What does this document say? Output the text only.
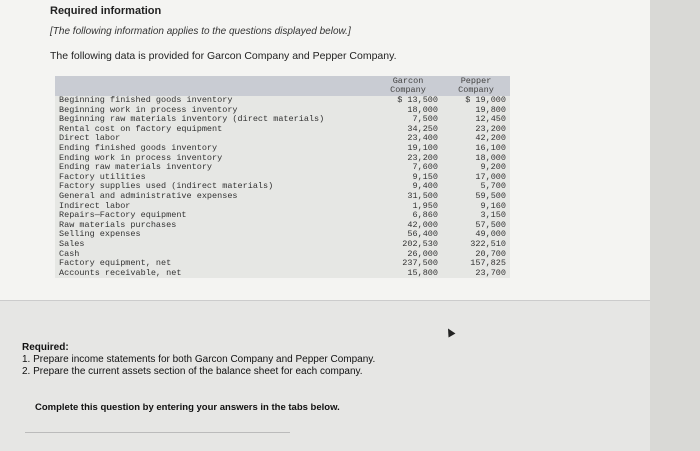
Required information
[The following information applies to the questions displayed below.]
The following data is provided for Garcon Company and Pepper Company.
	Garcon Company	Pepper Company
Beginning finished goods inventory	$ 13,500	$ 19,000
Beginning work in process inventory	18,000	19,800
Beginning raw materials inventory (direct materials)	7,500	12,450
Rental cost on factory equipment	34,250	23,200
Direct labor	23,400	42,200
Ending finished goods inventory	19,100	16,100
Ending work in process inventory	23,200	18,000
Ending raw materials inventory	7,600	9,200
Factory utilities	9,150	17,000
Factory supplies used (indirect materials)	9,400	5,700
General and administrative expenses	31,500	59,500
Indirect labor	1,950	9,160
Repairs—Factory equipment	6,860	3,150
Raw materials purchases	42,000	57,500
Selling expenses	56,400	49,000
Sales	202,530	322,510
Cash	26,000	20,700
Factory equipment, net	237,500	157,825
Accounts receivable, net	15,800	23,700
Required:
1. Prepare income statements for both Garcon Company and Pepper Company.
2. Prepare the current assets section of the balance sheet for each company.
Complete this question by entering your answers in the tabs below.
